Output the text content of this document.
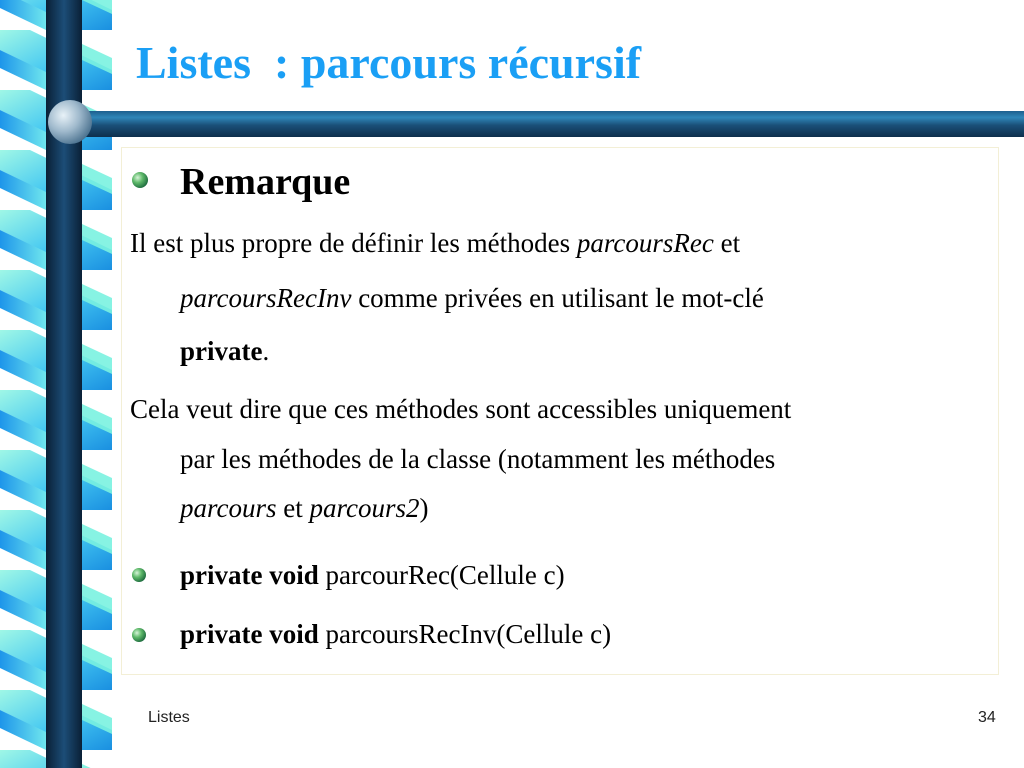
Listes  : parcours récursif
Remarque
Il est plus propre de définir les méthodes parcoursRec et
parcoursRecInv comme privées en utilisant le mot-clé
private.
Cela veut dire que ces méthodes sont accessibles uniquement
par les méthodes de la classe (notamment les méthodes
parcours et parcours2)
private void parcourRec(Cellule c)
private void parcoursRecInv(Cellule c)
Listes	34
